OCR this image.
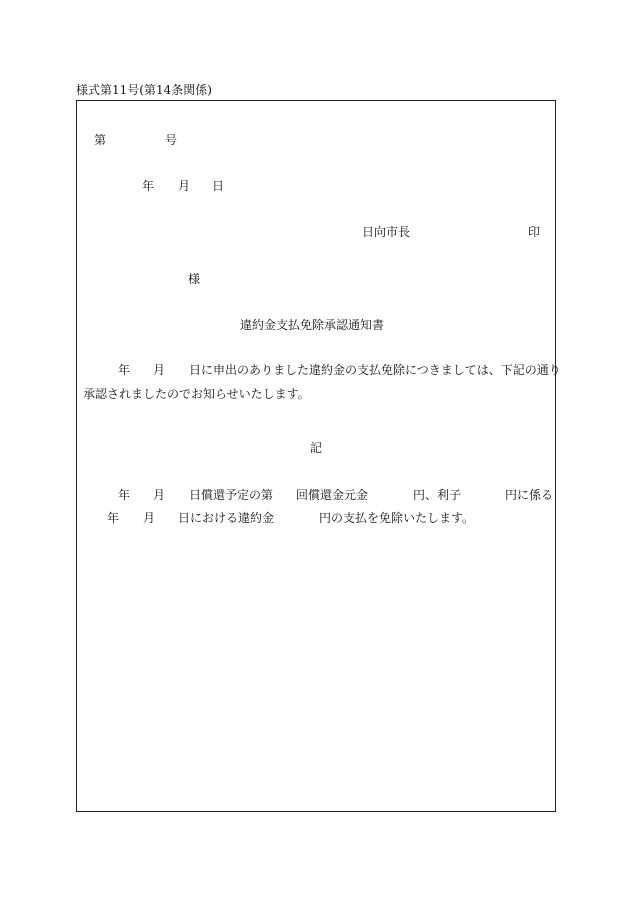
様式第11号(第14条関係)
第	号
年 月 日
日向市長	印
様
違約金支払免除承認通知書
年 月 日に申出のありました違約金の支払免除につきましては、下記の通り
承認されましたのでお知らせいたします。
記
年 月 日償還予定の第 回償還金元金	円、利子	円に係る
年 月 日における違約金	円の支払を免除いたします。
